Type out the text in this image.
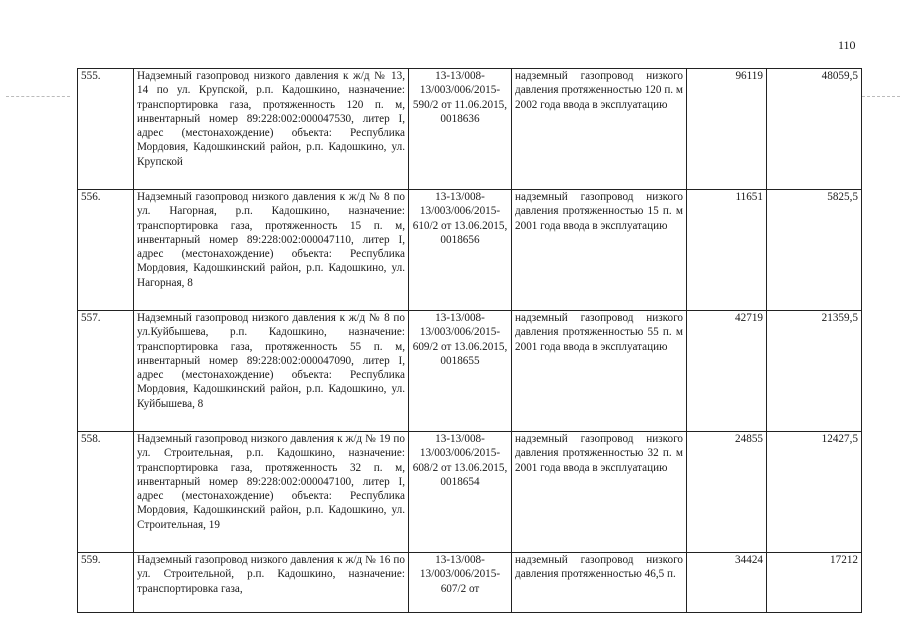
110
555.	Надземный газопровод низкого давления к ж/д № 13, 14 по ул. Крупской, р.п. Кадошкино, назначение: транспортировка газа, протяженность 120 п. м, инвентарный номер 89:228:002:000047530, литер I, адрес (местонахождение) объекта: Республика Мордовия, Кадошкинский район, р.п. Кадошкино, ул. Крупской	13-13/008-13/003/006/2015-590/2 от 11.06.2015, 0018636	надземный газопровод низкого давления протяженностью 120 п. м 2002 года ввода в эксплуатацию	96119	48059,5
556.	Надземный газопровод низкого давления к ж/д № 8 по ул. Нагорная, р.п. Кадошкино, назначение: транспортировка газа, протяженность 15 п. м, инвентарный номер 89:228:002:000047110, литер I, адрес (местонахождение) объекта: Республика Мордовия, Кадошкинский район, р.п. Кадошкино, ул. Нагорная, 8	13-13/008-13/003/006/2015-610/2 от 13.06.2015, 0018656	надземный газопровод низкого давления протяженностью 15 п. м 2001 года ввода в эксплуатацию	11651	5825,5
557.	Надземный газопровод низкого давления к ж/д № 8 по ул.Куйбышева, р.п. Кадошкино, назначение: транспортировка газа, протяженность 55 п. м, инвентарный номер 89:228:002:000047090, литер I, адрес (местонахождение) объекта: Республика Мордовия, Кадошкинский район, р.п. Кадошкино, ул. Куйбышева, 8	13-13/008-13/003/006/2015-609/2 от 13.06.2015, 0018655	надземный газопровод низкого давления протяженностью 55 п. м 2001 года ввода в эксплуатацию	42719	21359,5
558.	Надземный газопровод низкого давления к ж/д № 19 по ул. Строительная, р.п. Кадошкино, назначение: транспортировка газа, протяженность 32 п. м, инвентарный номер 89:228:002:000047100, литер I, адрес (местонахождение) объекта: Республика Мордовия, Кадошкинский район, р.п. Кадошкино, ул. Строительная, 19	13-13/008-13/003/006/2015-608/2 от 13.06.2015, 0018654	надземный газопровод низкого давления протяженностью 32 п. м 2001 года ввода в эксплуатацию	24855	12427,5
559.	Надземный газопровод низкого давления к ж/д № 16 по ул. Строительной, р.п. Кадошкино, назначение: транспортировка газа,	13-13/008-13/003/006/2015-607/2 от	надземный газопровод низкого давления протяженностью 46,5 п.	34424	17212
